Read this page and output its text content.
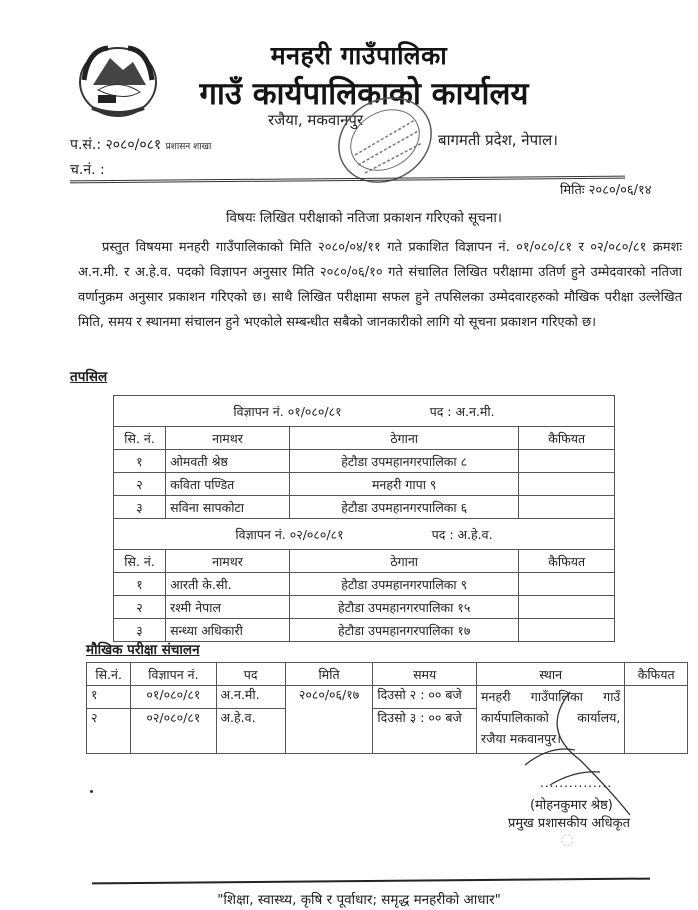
मनहरी गाउँपालिका
गाउँ कार्यपालिकाको कार्यालय
रजैया, मकवानपुर
बागमती प्रदेश, नेपाल।
प.सं.: २०८०/०८१ प्रशासन शाखा
च.नं. :
मितिः २०८०/०६/१४
विषयः लिखित परीक्षाको नतिजा प्रकाशन गरिएको सूचना।
प्रस्तुत विषयमा मनहरी गाउँपालिकाको मिति २०८०/०४/११ गते प्रकाशित विज्ञापन नं. ०१/०८०/८१ र ०२/०८०/८१ क्रमशः अ.न.मी. र अ.हे.व. पदको विज्ञापन अनुसार मिति २०८०/०६/१० गते संचालित लिखित परीक्षामा उतिर्ण हुने उम्मेदवारको नतिजा वर्णानुक्रम अनुसार प्रकाशन गरिएको छ। साथै लिखित परीक्षामा सफल हुने तपसिलका उम्मेदवारहरुको मौखिक परीक्षा उल्लेखित मिति, समय र स्थानमा संचालन हुने भएकोले सम्बन्धीत सबैको जानकारीको लागि यो सूचना प्रकाशन गरिएको छ।
तपसिल
विज्ञापन नं. ०१/०८०/८१ पद : अ.न.मी.			
सि. नं.	नामथर	ठेगाना	कैफियत
१	ओमवती श्रेष्ठ	हेटौडा उपमहानगरपालिका ८	
२	कविता पण्डित	मनहरी गापा ९	
३	सविना सापकोटा	हेटौडा उपमहानगरपालिका ६	
विज्ञापन नं. ०२/०८०/८१ पद : अ.हे.व.			
सि. नं.	नामथर	ठेगाना	कैफियत
१	आरती के.सी.	हेटौडा उपमहानगरपालिका ९	
२	रश्मी नेपाल	हेटौडा उपमहानगरपालिका १५	
३	सन्ध्या अधिकारी	हेटौडा उपमहानगरपालिका १७	
मौखिक परीक्षा संचालन
सि.नं.	विज्ञापन नं.	पद	मिति	समय	स्थान	कैफियत
१	०१/०८०/८१	अ.न.मी.	२०८०/०६/१७	दिउसो २ : ०० बजे	मनहरी गाउँपालिका गाउँ कार्यपालिकाको कार्यालय, रजैया मकवानपुर।	
२	०२/०८०/८१	अ.हे.व.		दिउसो ३ : ०० बजे		
...............
(मोहनकुमार श्रेष्ठ)
प्रमुख प्रशासकीय अधिकृत
◌
"शिक्षा, स्वास्थ्य, कृषि र पूर्वाधार; समृद्ध मनहरीको आधार"
